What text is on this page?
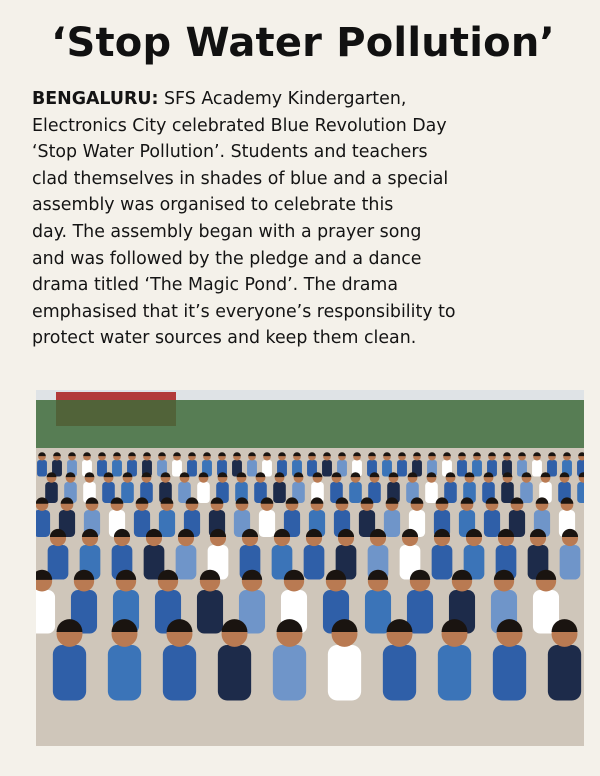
‘Stop Water Pollution’
BENGALURU: SFS Academy Kindergarten,
Electronics City celebrated Blue Revolution Day
‘Stop Water Pollution’. Students and teachers
clad themselves in shades of blue and a special
assembly was organised to celebrate this
day. The assembly began with a prayer song
and was followed by the pledge and a dance
drama titled ‘The Magic Pond’. The drama
emphasised that it’s everyone’s responsibility to
protect water sources and keep them clean.
